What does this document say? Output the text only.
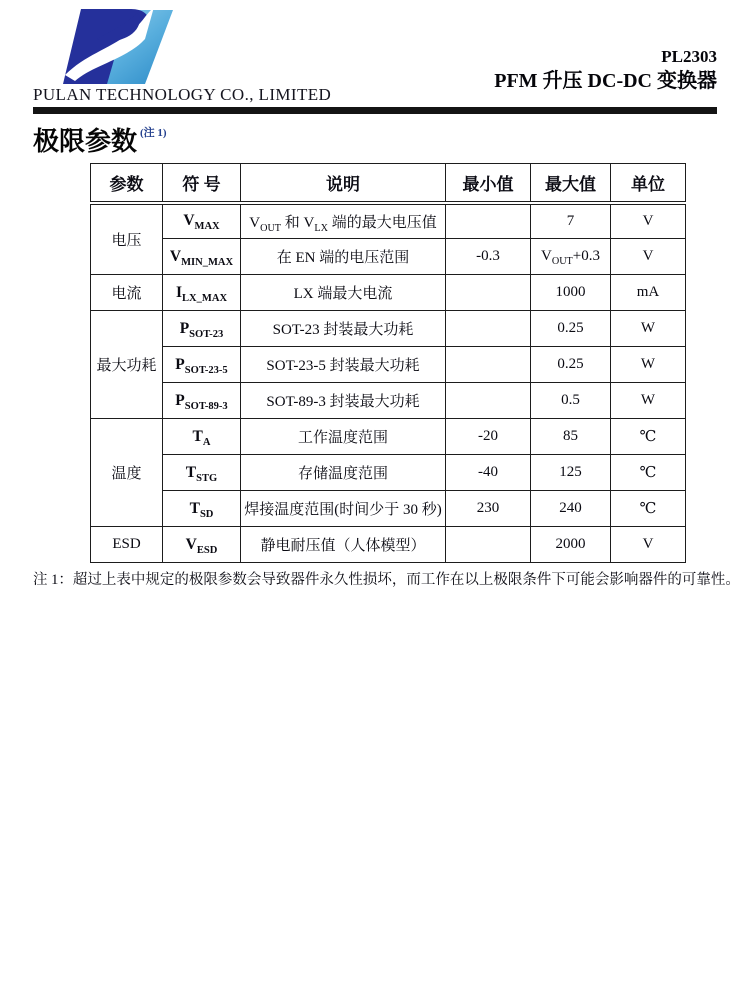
PULAN TECHNOLOGY CO., LIMITED
PL2303
PFM 升压 DC-DC 变换器
极限参数 $^{(注 1)}$
参数	符 号	说明	最小值	最大值	单位
电压	$V_{MAX}$	$V_{OUT}$ 和 $V_{LX}$ 端的最大电压值		7	V
	$V_{MIN\_MAX}$	在 EN 端的电压范围	-0.3	$V_{OUT}+0.3$	V
电流	$I_{LX\_MAX}$	LX 端最大电流		1000	mA
最大功耗	$P_{SOT-23}$	SOT-23 封装最大功耗		0.25	W
	$P_{SOT-23-5}$	SOT-23-5 封装最大功耗		0.25	W
	$P_{SOT-89-3}$	SOT-89-3 封装最大功耗		0.5	W
温度	$T_A$	工作温度范围	-20	85	℃
	$T_{STG}$	存储温度范围	-40	125	℃
	$T_{SD}$	焊接温度范围(时间少于 30 秒)	230	240	℃
ESD	$V_{ESD}$	静电耐压值（人体模型）		2000	V

注 1：超过上表中规定的极限参数会导致器件永久性损坏，而工作在以上极限条件下可能会影响器件的可靠性。
